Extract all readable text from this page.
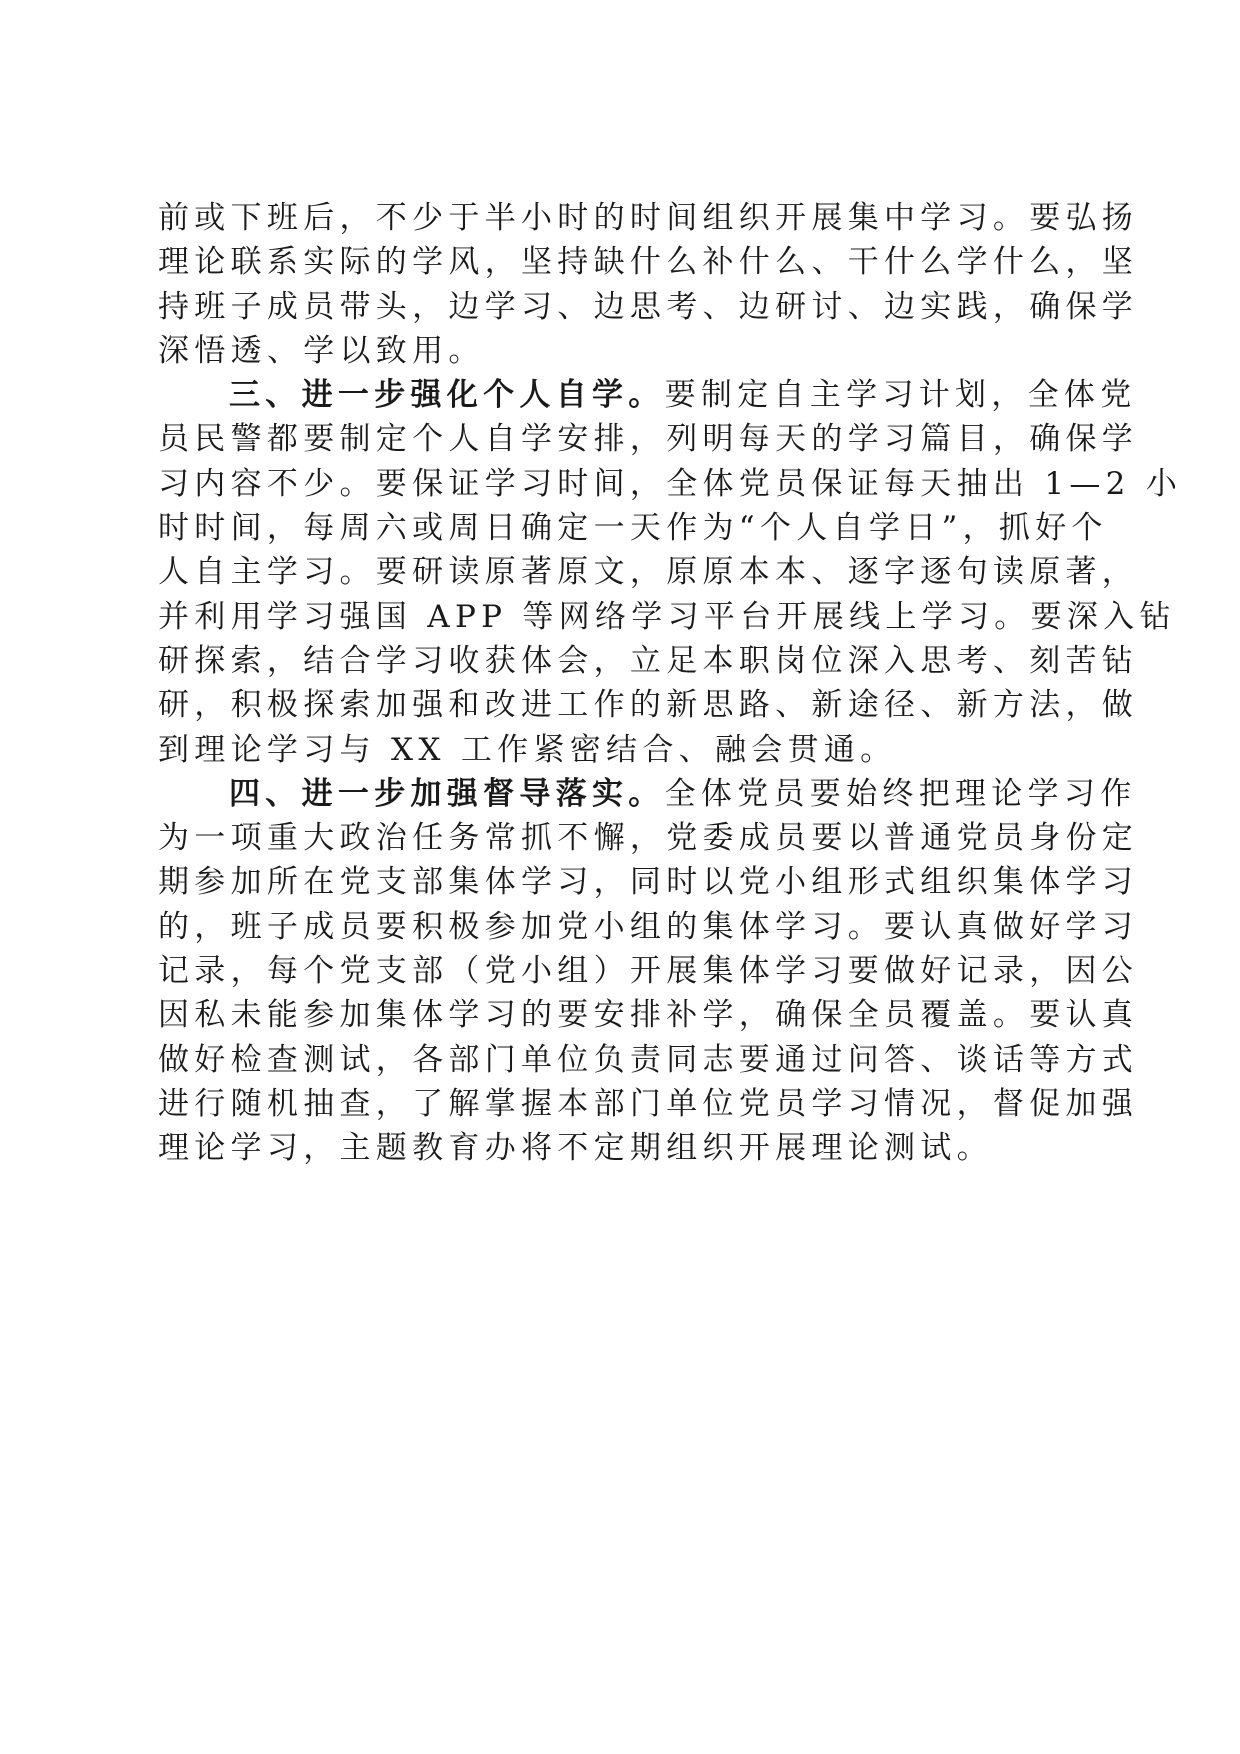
前或下班后，不少于半小时的时间组织开展集中学习。要弘扬
理论联系实际的学风，坚持缺什么补什么、干什么学什么，坚
持班子成员带头，边学习、边思考、边研讨、边实践，确保学
深悟透、学以致用。
三、进一步强化个人自学。要制定自主学习计划，全体党
员民警都要制定个人自学安排，列明每天的学习篇目，确保学
习内容不少。要保证学习时间，全体党员保证每天抽出 1—2 小
时时间，每周六或周日确定一天作为“个人自学日”，抓好个
人自主学习。要研读原著原文，原原本本、逐字逐句读原著，
并利用学习强国 APP 等网络学习平台开展线上学习。要深入钻
研探索，结合学习收获体会，立足本职岗位深入思考、刻苦钻
研，积极探索加强和改进工作的新思路、新途径、新方法，做
到理论学习与 XX 工作紧密结合、融会贯通。
四、进一步加强督导落实。全体党员要始终把理论学习作
为一项重大政治任务常抓不懈，党委成员要以普通党员身份定
期参加所在党支部集体学习，同时以党小组形式组织集体学习
的，班子成员要积极参加党小组的集体学习。要认真做好学习
记录，每个党支部（党小组）开展集体学习要做好记录，因公
因私未能参加集体学习的要安排补学，确保全员覆盖。要认真
做好检查测试，各部门单位负责同志要通过问答、谈话等方式
进行随机抽查，了解掌握本部门单位党员学习情况，督促加强
理论学习，主题教育办将不定期组织开展理论测试。
